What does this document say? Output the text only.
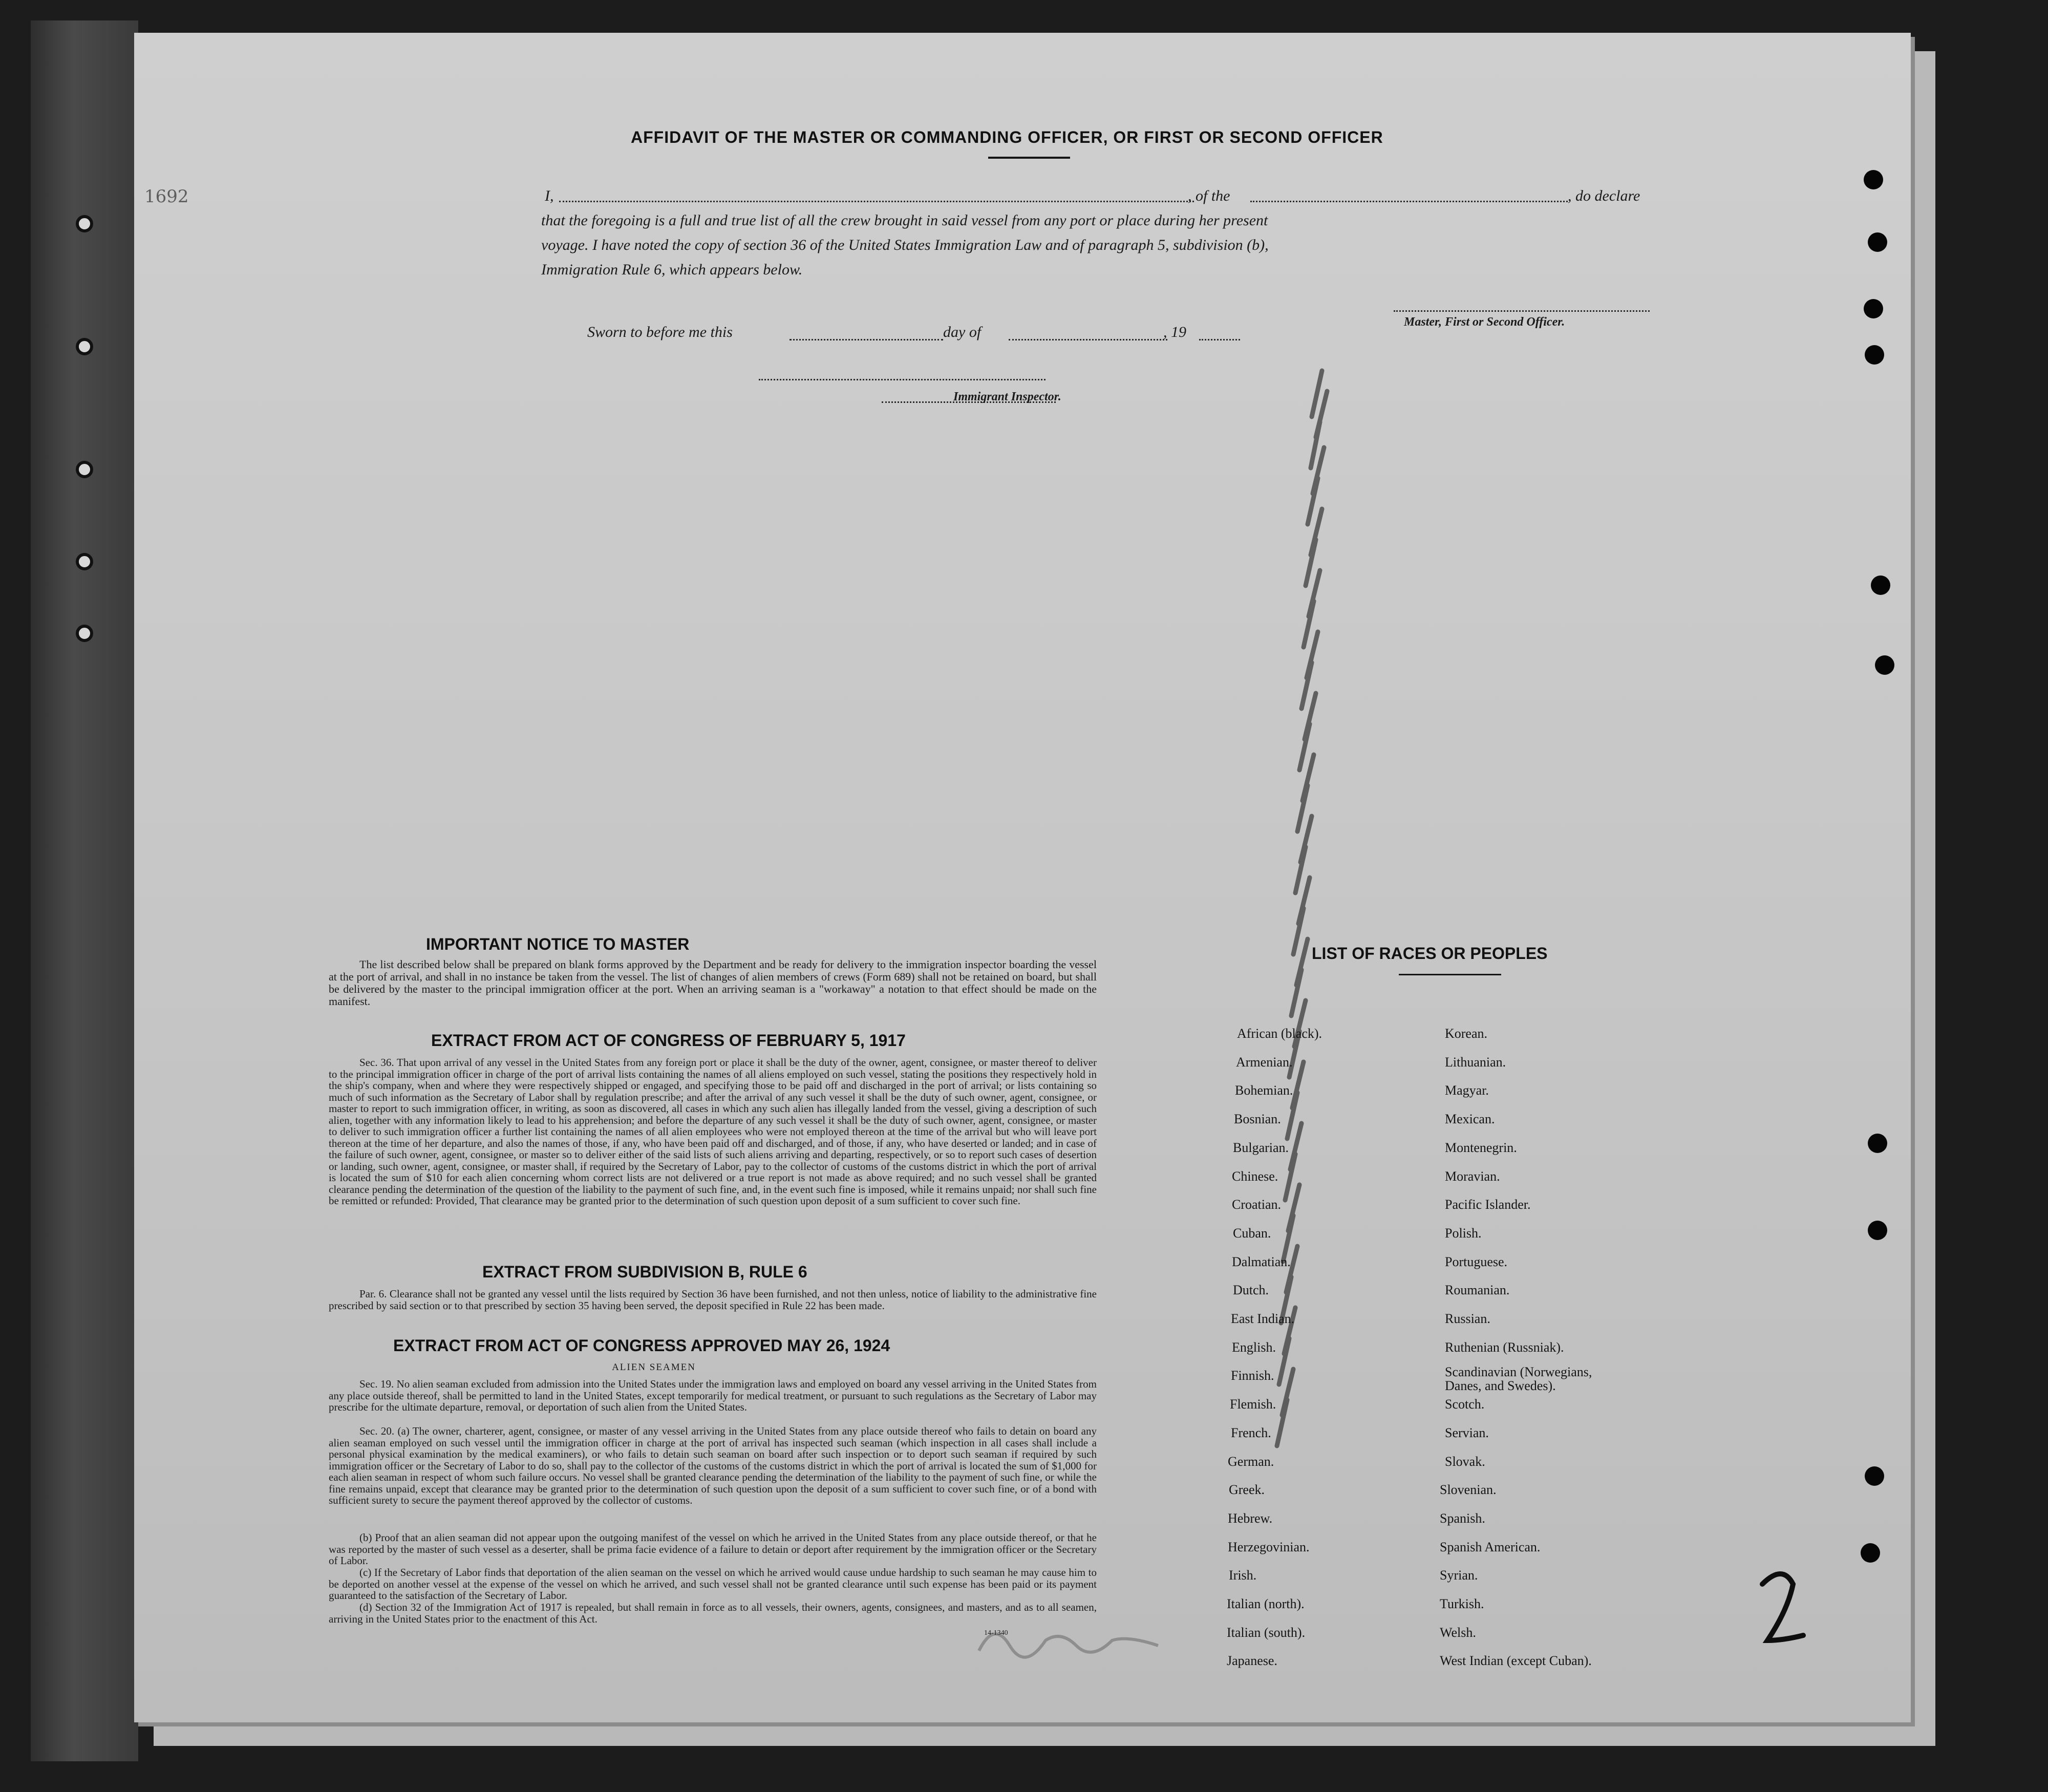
AFFIDAVIT OF THE MASTER OR COMMANDING OFFICER, OR FIRST OR SECOND OFFICER
I,	, of the	, do declare
that the foregoing is a full and true list of all the crew brought in said vessel from any port or place during her present
voyage. I have noted the copy of section 36 of the United States Immigration Law and of paragraph 5, subdivision (b),
Immigration Rule 6, which appears below.
Master, First or Second Officer.
Sworn to before me this	day of	, 19
Immigrant Inspector.
1692
IMPORTANT NOTICE TO MASTER
The list described below shall be prepared on blank forms approved by the Department and be ready for delivery to the immigration inspector boarding the vessel at the port of arrival, and shall in no instance be taken from the vessel. The list of changes of alien members of crews (Form 689) shall not be retained on board, but shall be delivered by the master to the principal immigration officer at the port. When an arriving seaman is a "workaway" a notation to that effect should be made on the manifest.
EXTRACT FROM ACT OF CONGRESS OF FEBRUARY 5, 1917
Sec. 36. That upon arrival of any vessel in the United States from any foreign port or place it shall be the duty of the owner, agent, consignee, or master thereof to deliver to the principal immigration officer in charge of the port of arrival lists containing the names of all aliens employed on such vessel, stating the positions they respectively hold in the ship's company, when and where they were respectively shipped or engaged, and specifying those to be paid off and discharged in the port of arrival; or lists containing so much of such information as the Secretary of Labor shall by regulation prescribe; and after the arrival of any such vessel it shall be the duty of such owner, agent, consignee, or master to report to such immigration officer, in writing, as soon as discovered, all cases in which any such alien has illegally landed from the vessel, giving a description of such alien, together with any information likely to lead to his apprehension; and before the departure of any such vessel it shall be the duty of such owner, agent, consignee, or master to deliver to such immigration officer a further list containing the names of all alien employees who were not employed thereon at the time of the arrival but who will leave port thereon at the time of her departure, and also the names of those, if any, who have been paid off and discharged, and of those, if any, who have deserted or landed; and in case of the failure of such owner, agent, consignee, or master so to deliver either of the said lists of such aliens arriving and departing, respectively, or so to report such cases of desertion or landing, such owner, agent, consignee, or master shall, if required by the Secretary of Labor, pay to the collector of customs of the customs district in which the port of arrival is located the sum of $10 for each alien concerning whom correct lists are not delivered or a true report is not made as above required; and no such vessel shall be granted clearance pending the determination of the question of the liability to the payment of such fine, and, in the event such fine is imposed, while it remains unpaid; nor shall such fine be remitted or refunded: Provided, That clearance may be granted prior to the determination of such question upon deposit of a sum sufficient to cover such fine.
EXTRACT FROM SUBDIVISION B, RULE 6
Par. 6. Clearance shall not be granted any vessel until the lists required by Section 36 have been furnished, and not then unless, notice of liability to the administrative fine prescribed by said section or to that prescribed by section 35 having been served, the deposit specified in Rule 22 has been made.
EXTRACT FROM ACT OF CONGRESS APPROVED MAY 26, 1924
ALIEN SEAMEN
Sec. 19. No alien seaman excluded from admission into the United States under the immigration laws and employed on board any vessel arriving in the United States from any place outside thereof, shall be permitted to land in the United States, except temporarily for medical treatment, or pursuant to such regulations as the Secretary of Labor may prescribe for the ultimate departure, removal, or deportation of such alien from the United States.
Sec. 20. (a) The owner, charterer, agent, consignee, or master of any vessel arriving in the United States from any place outside thereof who fails to detain on board any alien seaman employed on such vessel until the immigration officer in charge at the port of arrival has inspected such seaman (which inspection in all cases shall include a personal physical examination by the medical examiners), or who fails to detain such seaman on board after such inspection or to deport such seaman if required by such immigration officer or the Secretary of Labor to do so, shall pay to the collector of the customs of the customs district in which the port of arrival is located the sum of $1,000 for each alien seaman in respect of whom such failure occurs. No vessel shall be granted clearance pending the determination of the liability to the payment of such fine, or while the fine remains unpaid, except that clearance may be granted prior to the determination of such question upon the deposit of a sum sufficient to cover such fine, or of a bond with sufficient surety to secure the payment thereof approved by the collector of customs.
(b) Proof that an alien seaman did not appear upon the outgoing manifest of the vessel on which he arrived in the United States from any place outside thereof, or that he was reported by the master of such vessel as a deserter, shall be prima facie evidence of a failure to detain or deport after requirement by the immigration officer or the Secretary of Labor.
(c) If the Secretary of Labor finds that deportation of the alien seaman on the vessel on which he arrived would cause undue hardship to such seaman he may cause him to be deported on another vessel at the expense of the vessel on which he arrived, and such vessel shall not be granted clearance until such expense has been paid or its payment guaranteed to the satisfaction of the Secretary of Labor.
(d) Section 32 of the Immigration Act of 1917 is repealed, but shall remain in force as to all vessels, their owners, agents, consignees, and masters, and as to all seamen, arriving in the United States prior to the enactment of this Act.
14-1340
LIST OF RACES OR PEOPLES
African (black).
Armenian.
Bohemian.
Bosnian.
Bulgarian.
Chinese.
Croatian.
Cuban.
Dalmatian.
Dutch.
East Indian.
English.
Finnish.
Flemish.
French.
German.
Greek.
Hebrew.
Herzegovinian.
Irish.
Italian (north).
Italian (south).
Japanese.
Korean.
Lithuanian.
Magyar.
Mexican.
Montenegrin.
Moravian.
Pacific Islander.
Polish.
Portuguese.
Roumanian.
Russian.
Ruthenian (Russniak).
Scandinavian (Norwegians, Danes, and Swedes).
Scotch.
Servian.
Slovak.
Slovenian.
Spanish.
Spanish American.
Syrian.
Turkish.
Welsh.
West Indian (except Cuban).
